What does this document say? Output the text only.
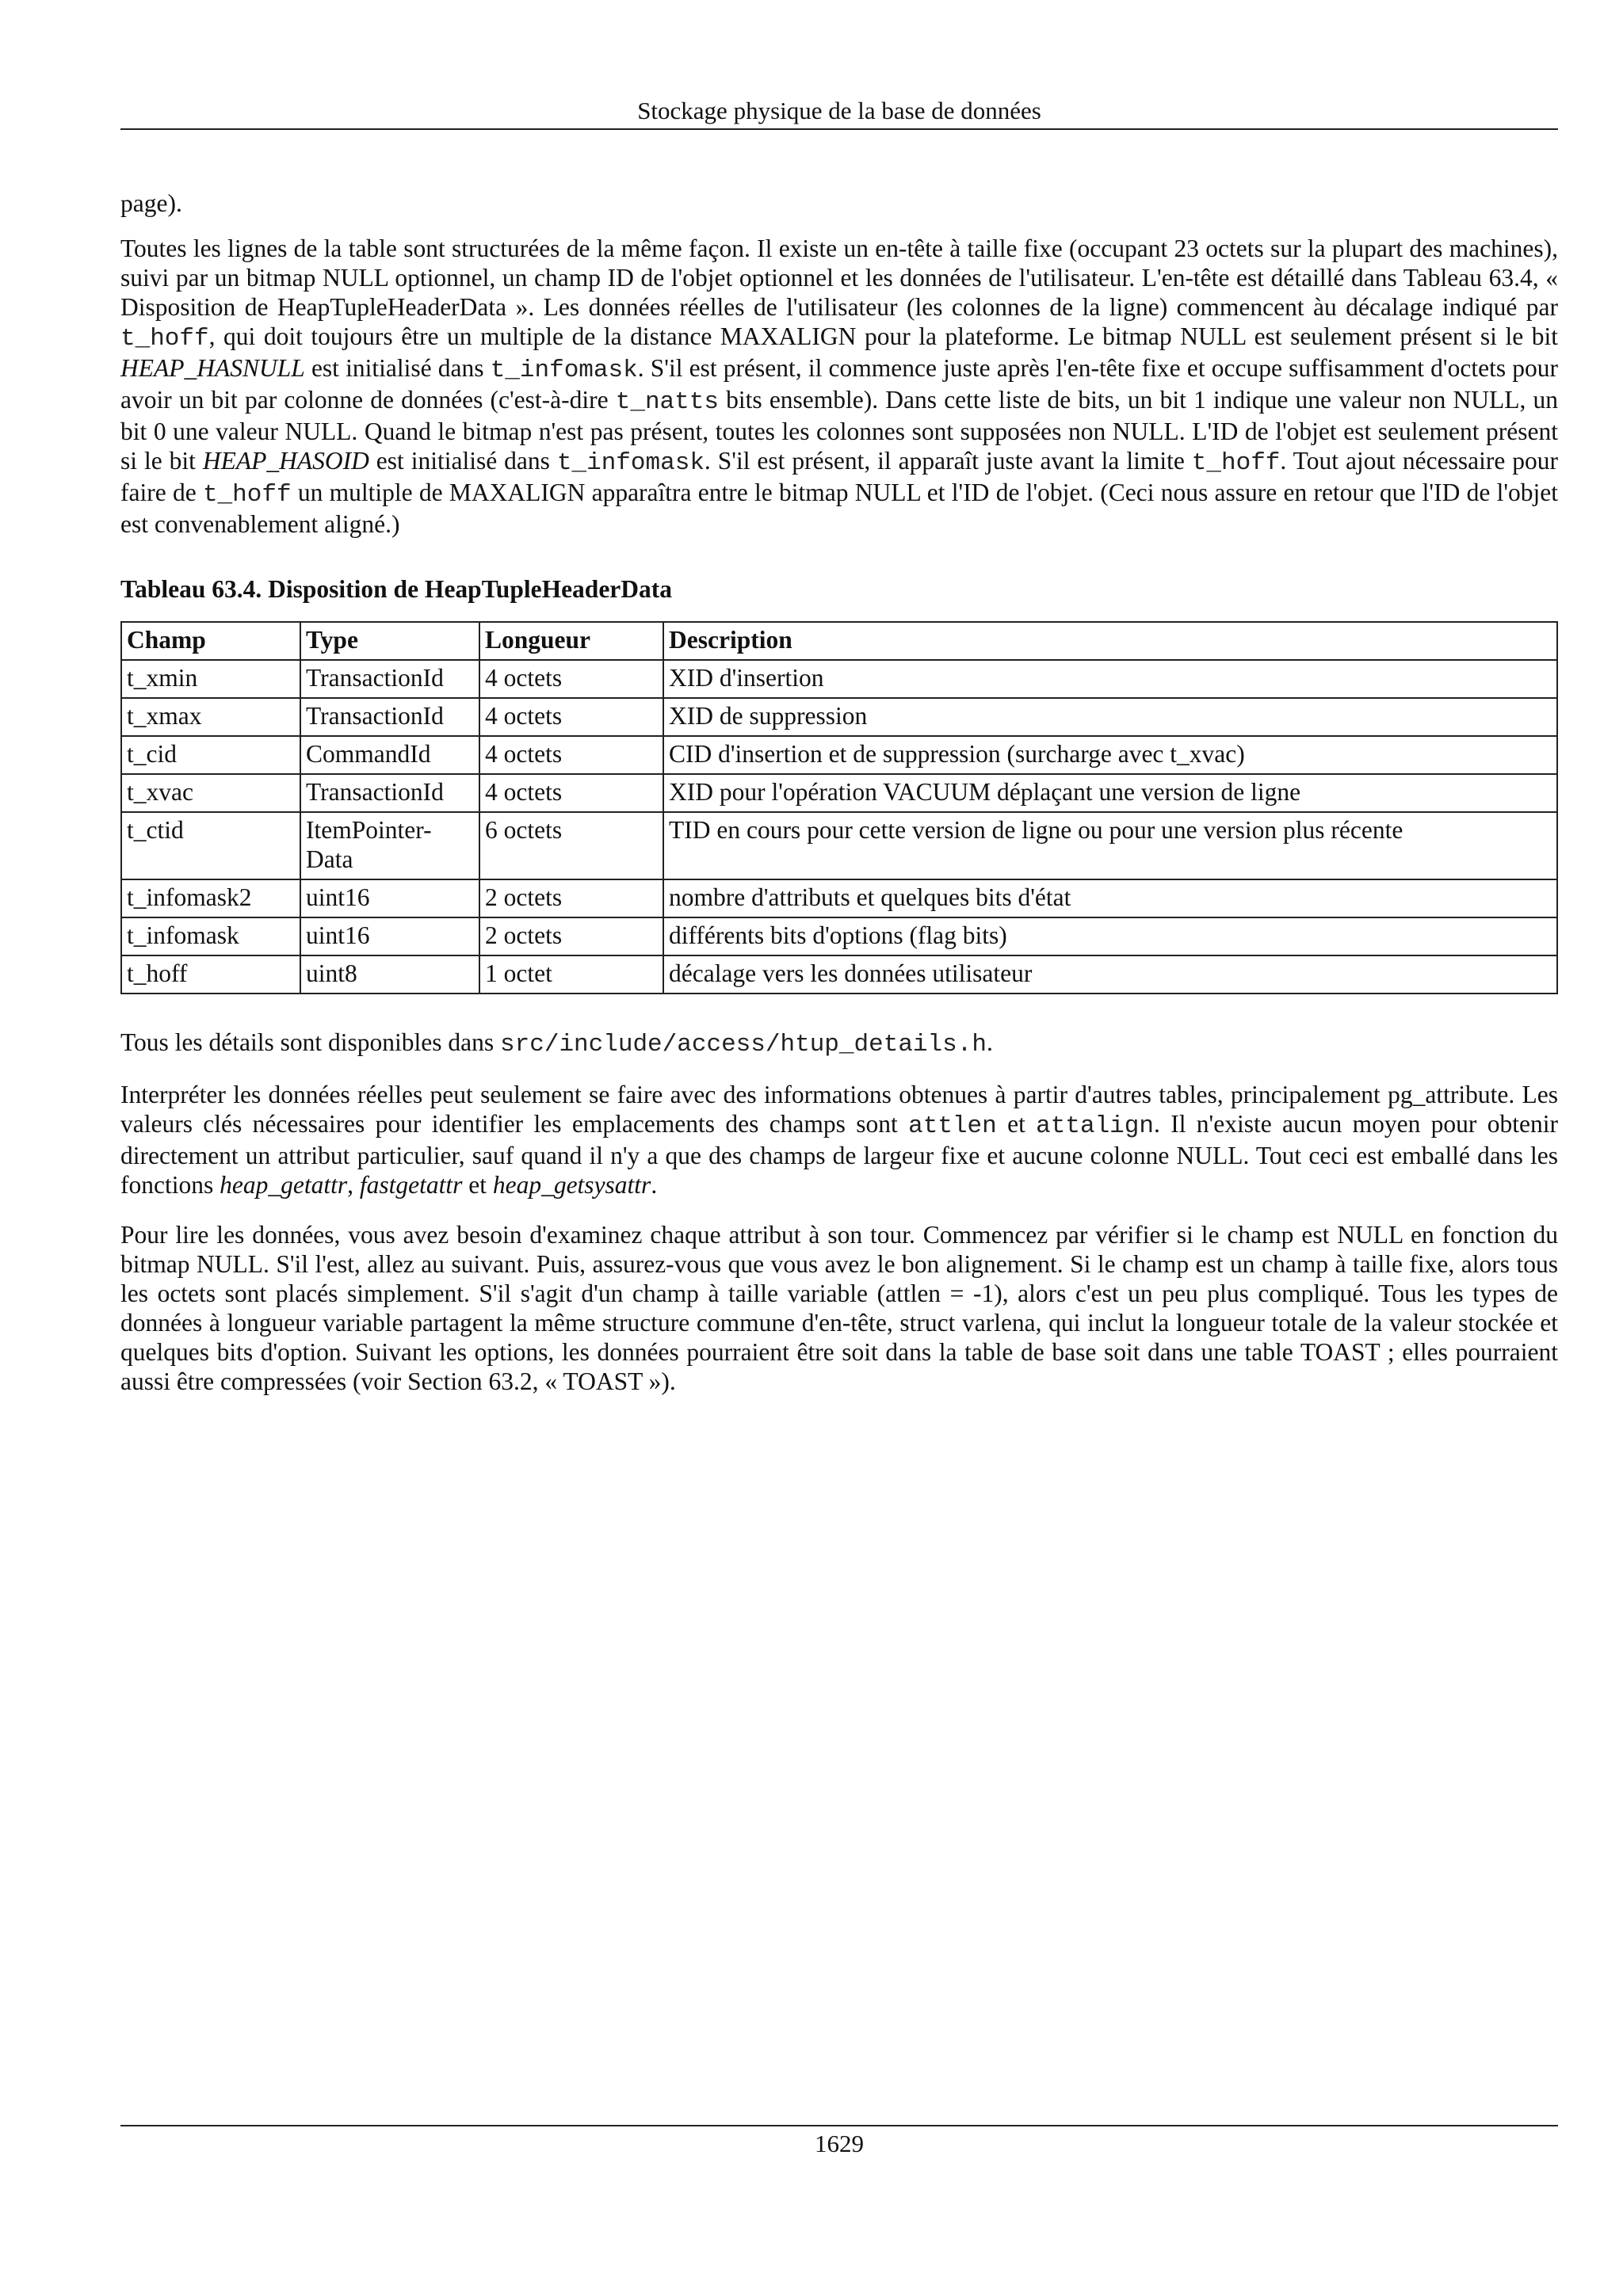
Stockage physique de la base de données

page).

Toutes les lignes de la table sont structurées de la même façon. Il existe un en-tête à taille fixe (occupant 23 octets sur la plupart des machines), suivi par un bitmap NULL optionnel, un champ ID de l'objet optionnel et les données de l'utilisateur. L'en-tête est détaillé dans Tableau 63.4, « Disposition de HeapTupleHeaderData ». Les données réelles de l'utilisateur (les colonnes de la ligne) commencent àu décalage indiqué par t_hoff, qui doit toujours être un multiple de la distance MAXALIGN pour la plateforme. Le bitmap NULL est seulement présent si le bit HEAP_HASNULL est initialisé dans t_infomask. S'il est présent, il commence juste après l'en-tête fixe et occupe suffisamment d'octets pour avoir un bit par colonne de données (c'est-à-dire t_natts bits ensemble). Dans cette liste de bits, un bit 1 indique une valeur non NULL, un bit 0 une valeur NULL. Quand le bitmap n'est pas présent, toutes les colonnes sont supposées non NULL. L'ID de l'objet est seulement présent si le bit HEAP_HASOID est initialisé dans t_infomask. S'il est présent, il apparaît juste avant la limite t_hoff. Tout ajout nécessaire pour faire de t_hoff un multiple de MAXALIGN apparaîtra entre le bitmap NULL et l'ID de l'objet. (Ceci nous assure en retour que l'ID de l'objet est convenablement aligné.)

Tableau 63.4. Disposition de HeapTupleHeaderData
Champ	Type	Longueur	Description
t_xmin	TransactionId	4 octets	XID d'insertion
t_xmax	TransactionId	4 octets	XID de suppression
t_cid	CommandId	4 octets	CID d'insertion et de suppression (surcharge avec t_xvac)
t_xvac	TransactionId	4 octets	XID pour l'opération VACUUM déplaçant une version de ligne
t_ctid	ItemPointer-Data	6 octets	TID en cours pour cette version de ligne ou pour une version plus récente
t_infomask2	uint16	2 octets	nombre d'attributs et quelques bits d'état
t_infomask	uint16	2 octets	différents bits d'options (flag bits)
t_hoff	uint8	1 octet	décalage vers les données utilisateur

Tous les détails sont disponibles dans src/include/access/htup_details.h.

Interpréter les données réelles peut seulement se faire avec des informations obtenues à partir d'autres tables, principalement pg_attribute. Les valeurs clés nécessaires pour identifier les emplacements des champs sont attlen et attalign. Il n'existe aucun moyen pour obtenir directement un attribut particulier, sauf quand il n'y a que des champs de largeur fixe et aucune colonne NULL. Tout ceci est emballé dans les fonctions heap_getattr, fastgetattr et heap_getsysattr.

Pour lire les données, vous avez besoin d'examinez chaque attribut à son tour. Commencez par vérifier si le champ est NULL en fonction du bitmap NULL. S'il l'est, allez au suivant. Puis, assurez-vous que vous avez le bon alignement. Si le champ est un champ à taille fixe, alors tous les octets sont placés simplement. S'il s'agit d'un champ à taille variable (attlen = -1), alors c'est un peu plus compliqué. Tous les types de données à longueur variable partagent la même structure commune d'en-tête, struct varlena, qui inclut la longueur totale de la valeur stockée et quelques bits d'option. Suivant les options, les données pourraient être soit dans la table de base soit dans une table TOAST ; elles pourraient aussi être compressées (voir Section 63.2, « TOAST »).

1629
